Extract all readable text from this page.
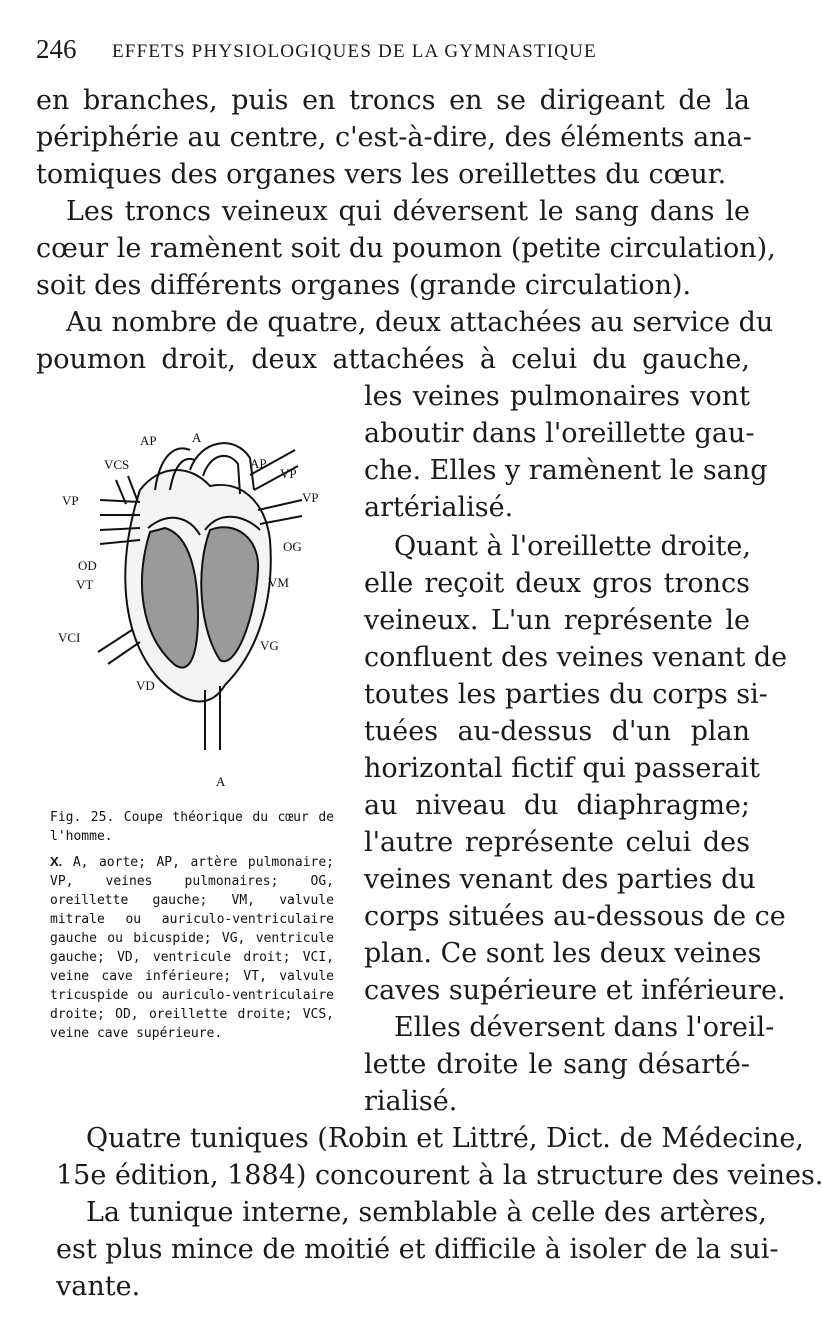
246 EFFETS PHYSIOLOGIQUES DE LA GYMNASTIQUE
en branches, puis en troncs en se dirigeant de la
périphérie au centre, c'est-à-dire, des éléments ana-
tomiques des organes vers les oreillettes du cœur.
Les troncs veineux qui déversent le sang dans le
cœur le ramènent soit du poumon (petite circulation),
soit des différents organes (grande circulation).
Au nombre de quatre, deux attachées au service du
poumon droit, deux attachées à celui du gauche,
les veines pulmonaires vont
aboutir dans l'oreillette gau-
che. Elles y ramènent le sang
artérialisé.
Quant à l'oreillette droite,
elle reçoit deux gros troncs
veineux. L'un représente le
confluent des veines venant de
toutes les parties du corps si-
tuées au-dessus d'un plan
horizontal fictif qui passerait
au niveau du diaphragme;
l'autre représente celui des
veines venant des parties du
corps situées au-dessous de ce
plan. Ce sont les deux veines
caves supérieure et inférieure.
Elles déversent dans l'oreil-
lette droite le sang désarté-
rialisé.
Quatre tuniques (Robin et Littré, Dict. de Médecine,
15e édition, 1884) concourent à la structure des veines.
La tunique interne, semblable à celle des artères,
est plus mince de moitié et difficile à isoler de la sui-
vante.
AP	A
VCS	AP
VP
VP	VP
OG
OD
VT	VM
VCI
VG
VD
A

Fig. 25. Coupe théorique du cœur de l'homme.

X. A, aorte; AP, artère pulmonaire; VP, veines pulmonaires; OG, oreillette gauche; VM, valvule mitrale ou auriculo-ventriculaire gauche ou bicuspide; VG, ventricule gauche; VD, ventricule droit; VCI, veine cave inférieure; VT, valvule tricuspide ou auriculo-ventriculaire droite; OD, oreillette droite; VCS, veine cave supérieure.
